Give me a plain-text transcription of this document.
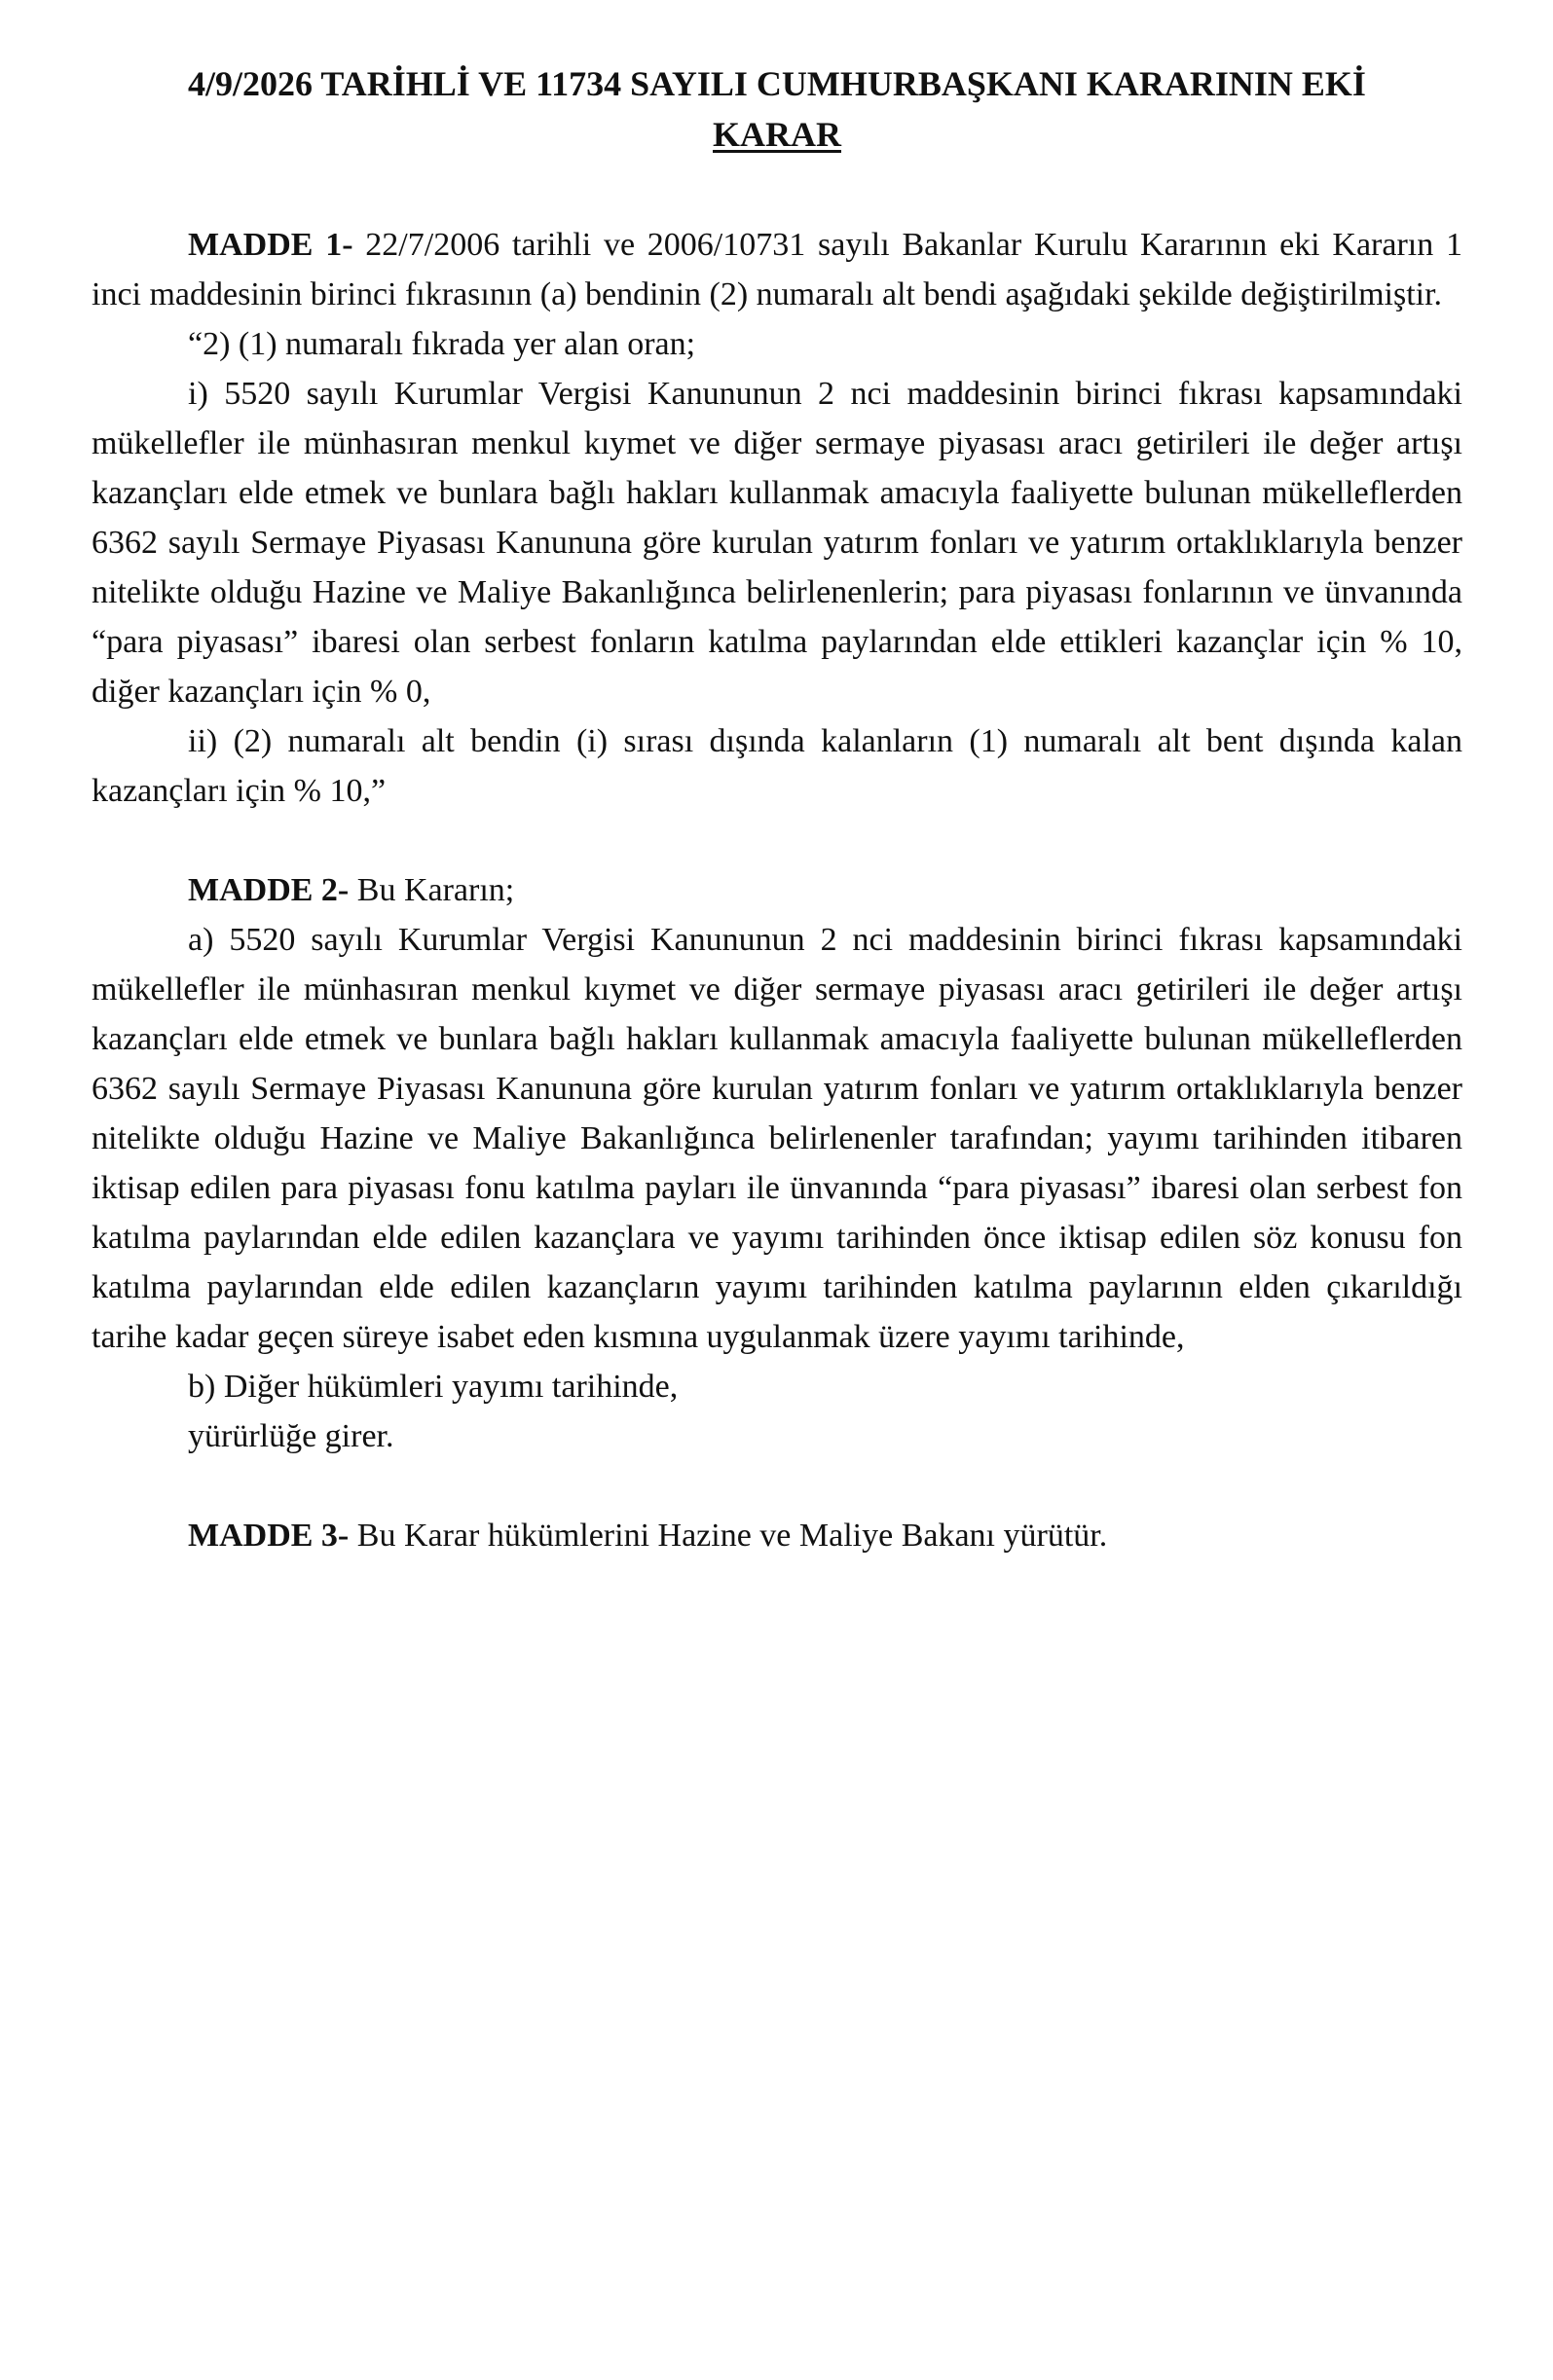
4/9/2026 TARİHLİ VE 11734 SAYILI CUMHURBAŞKANI KARARININ EKİ
KARAR

MADDE 1- 22/7/2006 tarihli ve 2006/10731 sayılı Bakanlar Kurulu Kararının eki Kararın 1 inci maddesinin birinci fıkrasının (a) bendinin (2) numaralı alt bendi aşağıdaki şekilde değiştirilmiştir.

“2) (1) numaralı fıkrada yer alan oran;

i) 5520 sayılı Kurumlar Vergisi Kanununun 2 nci maddesinin birinci fıkrası kapsamındaki mükellefler ile münhasıran menkul kıymet ve diğer sermaye piyasası aracı getirileri ile değer artışı kazançları elde etmek ve bunlara bağlı hakları kullanmak amacıyla faaliyette bulunan mükelleflerden 6362 sayılı Sermaye Piyasası Kanununa göre kurulan yatırım fonları ve yatırım ortaklıklarıyla benzer nitelikte olduğu Hazine ve Maliye Bakanlığınca belirlenenlerin; para piyasası fonlarının ve ünvanında “para piyasası” ibaresi olan serbest fonların katılma paylarından elde ettikleri kazançlar için % 10, diğer kazançları için % 0,

ii) (2) numaralı alt bendin (i) sırası dışında kalanların (1) numaralı alt bent dışında kalan kazançları için % 10,”

MADDE 2- Bu Kararın;

a) 5520 sayılı Kurumlar Vergisi Kanununun 2 nci maddesinin birinci fıkrası kapsamındaki mükellefler ile münhasıran menkul kıymet ve diğer sermaye piyasası aracı getirileri ile değer artışı kazançları elde etmek ve bunlara bağlı hakları kullanmak amacıyla faaliyette bulunan mükelleflerden 6362 sayılı Sermaye Piyasası Kanununa göre kurulan yatırım fonları ve yatırım ortaklıklarıyla benzer nitelikte olduğu Hazine ve Maliye Bakanlığınca belirlenenler tarafından; yayımı tarihinden itibaren iktisap edilen para piyasası fonu katılma payları ile ünvanında “para piyasası” ibaresi olan serbest fon katılma paylarından elde edilen kazançlara ve yayımı tarihinden önce iktisap edilen söz konusu fon katılma paylarından elde edilen kazançların yayımı tarihinden katılma paylarının elden çıkarıldığı tarihe kadar geçen süreye isabet eden kısmına uygulanmak üzere yayımı tarihinde,

b) Diğer hükümleri yayımı tarihinde,

yürürlüğe girer.

MADDE 3- Bu Karar hükümlerini Hazine ve Maliye Bakanı yürütür.
